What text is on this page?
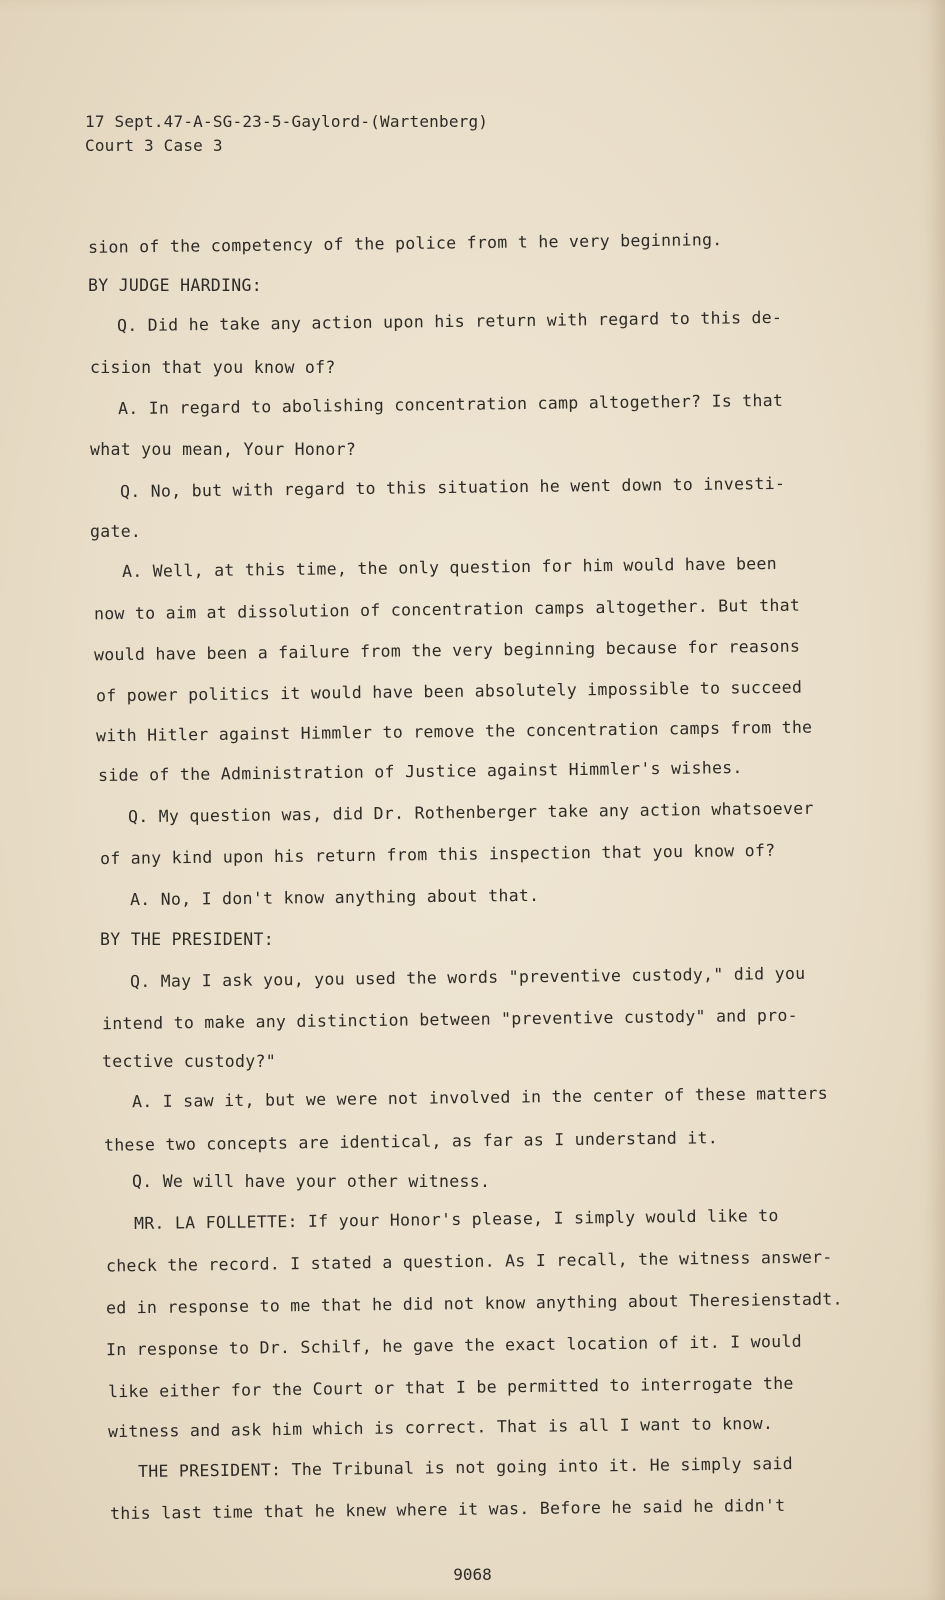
17 Sept.47-A-SG-23-5-Gaylord-(Wartenberg)
Court 3 Case 3
sion of the competency of the police from t he very beginning.
BY JUDGE HARDING:
Q. Did he take any action upon his return with regard to this de-
cision that you know of?
A. In regard to abolishing concentration camp altogether? Is that
what you mean, Your Honor?
Q. No, but with regard to this situation he went down to investi-
gate.
A. Well, at this time, the only question for him would have been
now to aim at dissolution of concentration camps altogether. But that
would have been a failure from the very beginning because for reasons
of power politics it would have been absolutely impossible to succeed
with Hitler against Himmler to remove the concentration camps from the
side of the Administration of Justice against Himmler's wishes.
Q. My question was, did Dr. Rothenberger take any action whatsoever
of any kind upon his return from this inspection that you know of?
A. No, I don't know anything about that.
BY THE PRESIDENT:
Q. May I ask you, you used the words "preventive custody," did you
intend to make any distinction between "preventive custody" and pro-
tective custody?"
A. I saw it, but we were not involved in the center of these matters
these two concepts are identical, as far as I understand it.
Q. We will have your other witness.
MR. LA FOLLETTE: If your Honor's please, I simply would like to
check the record. I stated a question. As I recall, the witness answer-
ed in response to me that he did not know anything about Theresienstadt.
In response to Dr. Schilf, he gave the exact location of it. I would
like either for the Court or that I be permitted to interrogate the
witness and ask him which is correct. That is all I want to know.
THE PRESIDENT: The Tribunal is not going into it. He simply said
this last time that he knew where it was. Before he said he didn't
9068
